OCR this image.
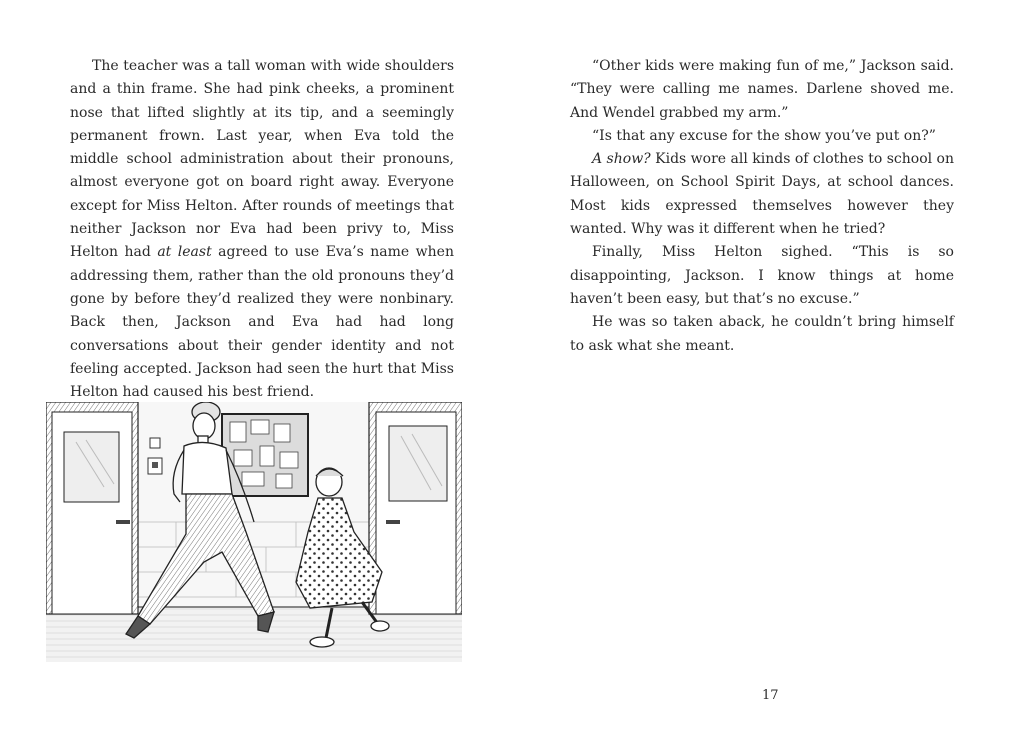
The teacher was a tall woman with wide shoulders and a thin frame. She had pink cheeks, a prominent nose that lifted slightly at its tip, and a seemingly permanent frown. Last year, when Eva told the middle school administration about their pronouns, almost everyone got on board right away. Everyone except for Miss Helton. After rounds of meetings that neither Jackson nor Eva had been privy to, Miss Helton had at least agreed to use Eva’s name when addressing them, rather than the old pronouns they’d gone by before they’d realized they were nonbinary. Back then, Jackson and Eva had had long conversations about their gender identity and not feeling accepted. Jackson had seen the hurt that Miss Helton had caused his best friend.

“Other kids were making fun of me,” Jackson said. “They were calling me names. Darlene shoved me. And Wendel grabbed my arm.”

“Is that any excuse for the show you’ve put on?”

A show? Kids wore all kinds of clothes to school on Halloween, on School Spirit Days, at school dances. Most kids expressed themselves however they wanted. Why was it different when he tried?

Finally, Miss Helton sighed. “This is so disappointing, Jackson. I know things at home haven’t been easy, but that’s no excuse.”

He was so taken aback, he couldn’t bring himself to ask what she meant.

17
